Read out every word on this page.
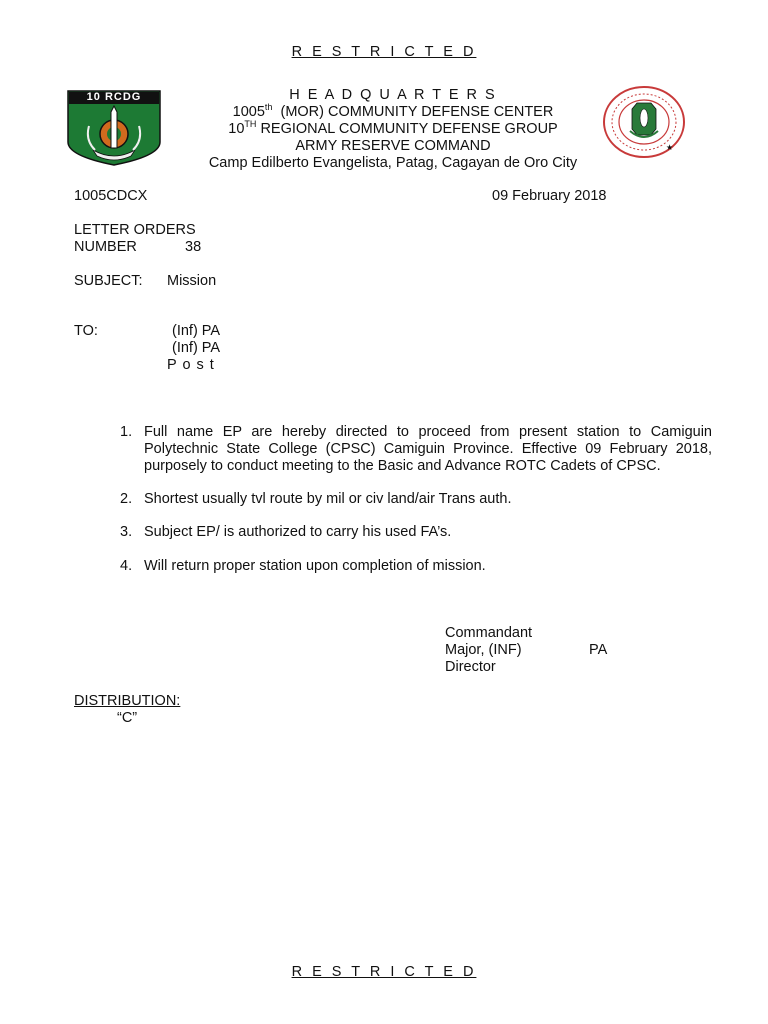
R E S T R I C T E D
10 RCDG
★
H E A D Q U A R T E R S
1005th (MOR) COMMUNITY DEFENSE CENTER
10TH REGIONAL COMMUNITY DEFENSE GROUP
ARMY RESERVE COMMAND
Camp Edilberto Evangelista, Patag, Cagayan de Oro City
1005CDCX	09 February 2018
LETTER ORDERS
NUMBER	38
SUBJECT: Mission
TO:	(Inf) PA
(Inf) PA
P o s t
1. Full name EP are hereby directed to proceed from present station to Camiguin Polytechnic State College (CPSC) Camiguin Province. Effective 09 February 2018, purposely to conduct meeting to the Basic and Advance ROTC Cadets of CPSC.
2. Shortest usually tvl route by mil or civ land/air Trans auth.
3. Subject EP/ is authorized to carry his used FA’s.
4. Will return proper station upon completion of mission.
Commandant
Major, (INF)	PA
Director
DISTRIBUTION:
“C”
R E S T R I C T E D
